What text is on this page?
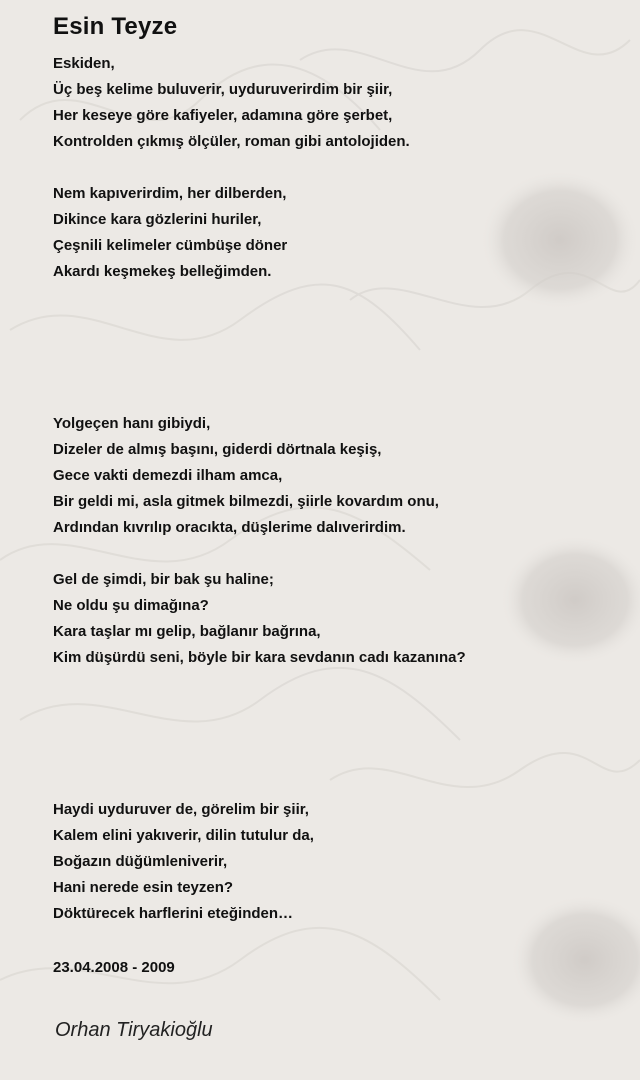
Esin Teyze
Eskiden,
Üç beş kelime buluverir, uyduruverirdim bir şiir,
Her keseye göre kafiyeler, adamına göre şerbet,
Kontrolden çıkmış ölçüler, roman gibi antolojiden.
Nem kapıverirdim, her dilberden,
Dikince kara gözlerini huriler,
Çeşnili kelimeler cümbüşe döner
Akardı keşmekeş belleğimden.
Yolgeçen hanı gibiydi,
Dizeler de almış başını, giderdi dörtnala keşiş,
Gece vakti demezdi ilham amca,
Bir geldi mi, asla gitmek bilmezdi, şiirle kovardım onu,
Ardından kıvrılıp oracıkta, düşlerime dalıverirdim.
Gel de şimdi, bir bak şu haline;
Ne oldu şu dimağına?
Kara taşlar mı gelip, bağlanır bağrına,
Kim düşürdü seni, böyle bir kara sevdanın cadı kazanına?
Haydi uyduruver de, görelim bir şiir,
Kalem elini yakıverir, dilin tutulur da,
Boğazın düğümleniverir,
Hani nerede esin teyzen?
Döktürecek harflerini eteğinden…
23.04.2008 - 2009
Orhan Tiryakioğlu
